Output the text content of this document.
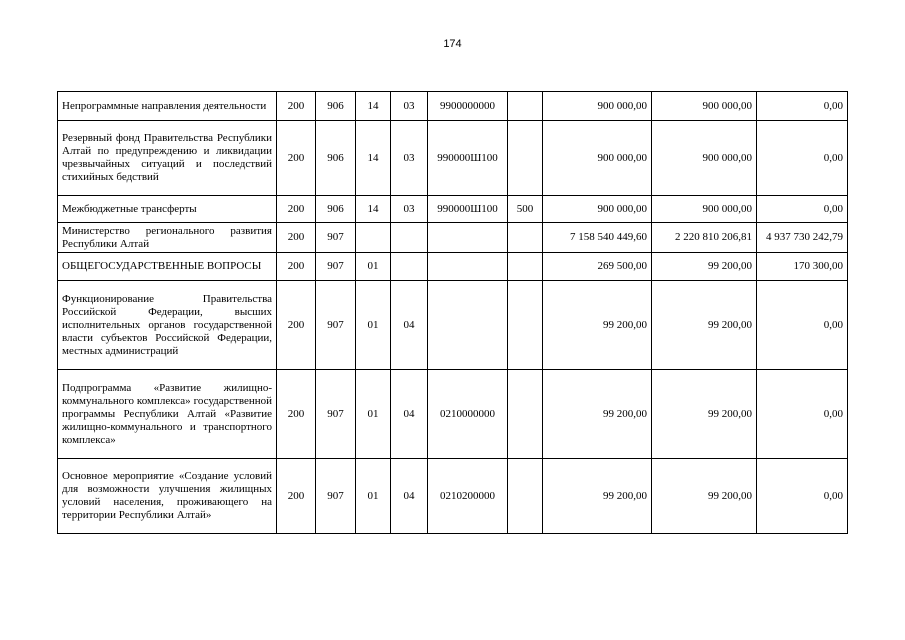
174
Непрограммные направления деятельности	200	906	14	03	9900000000		900 000,00	900 000,00	0,00
Резервный фонд Правительства Республики Алтай по предупреждению и ликвидации чрезвычайных ситуаций и последствий стихийных бедствий	200	906	14	03	990000Ш100		900 000,00	900 000,00	0,00
Межбюджетные трансферты	200	906	14	03	990000Ш100	500	900 000,00	900 000,00	0,00
Министерство регионального развития Республики Алтай	200	907					7 158 540 449,60	2 220 810 206,81	4 937 730 242,79
ОБЩЕГОСУДАРСТВЕННЫЕ ВОПРОСЫ	200	907	01				269 500,00	99 200,00	170 300,00
Функционирование Правительства Российской Федерации, высших исполнительных органов государственной власти субъектов Российской Федерации, местных администраций	200	907	01	04			99 200,00	99 200,00	0,00
Подпрограмма «Развитие жилищно-коммунального комплекса» государственной программы Республики Алтай «Развитие жилищно-коммунального и транспортного комплекса»	200	907	01	04	0210000000		99 200,00	99 200,00	0,00
Основное мероприятие «Создание условий для возможности улучшения жилищных условий населения, проживающего на территории Республики Алтай»	200	907	01	04	0210200000		99 200,00	99 200,00	0,00
